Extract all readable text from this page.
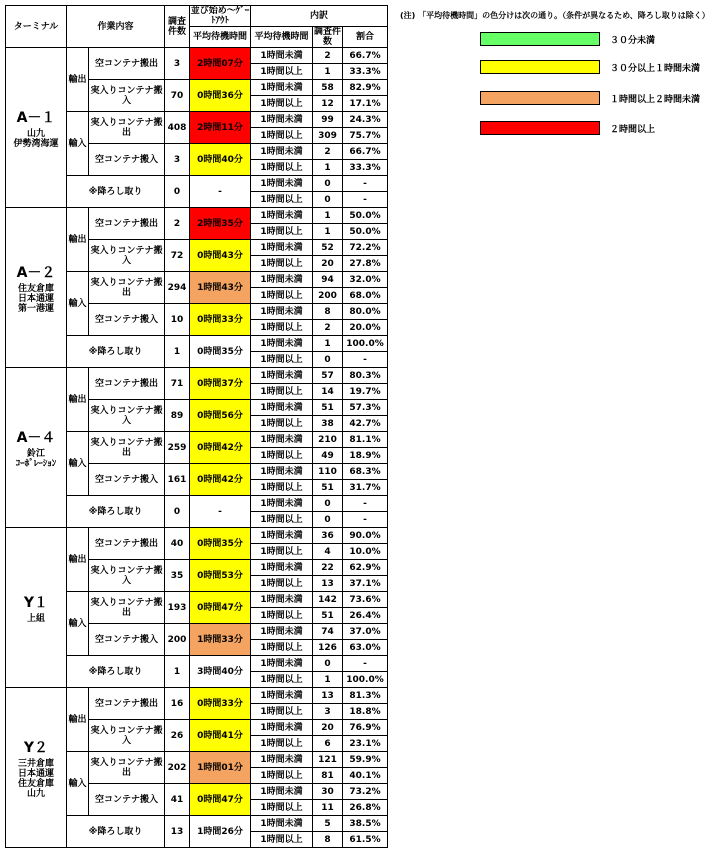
ターミナル	作業内容		調査件数	並び始め～ｹﾞｰﾄｱｳﾄ	内訳		
				平均待機時間	平均待機時間	調査件数	割合

A－１
山九
伊勢湾海運	輸出	空コンテナ搬出	3	2時間07分	1時間未満	2	66.7%
					1時間以上	1	33.3%
		実入りコンテナ搬入	70	0時間36分	1時間未満	58	82.9%
					1時間以上	12	17.1%
	輸入	実入りコンテナ搬出	408	2時間11分	1時間未満	99	24.3%
					1時間以上	309	75.7%
		空コンテナ搬入	3	0時間40分	1時間未満	2	66.7%
					1時間以上	1	33.3%
	※降ろし取り		0	-	1時間未満	0	-
					1時間以上	0	-

A－２
住友倉庫
日本通運
第一港運	輸出	空コンテナ搬出	2	2時間35分	1時間未満	1	50.0%
					1時間以上	1	50.0%
		実入りコンテナ搬入	72	0時間43分	1時間未満	52	72.2%
					1時間以上	20	27.8%
	輸入	実入りコンテナ搬出	294	1時間43分	1時間未満	94	32.0%
					1時間以上	200	68.0%
		空コンテナ搬入	10	0時間33分	1時間未満	8	80.0%
					1時間以上	2	20.0%
	※降ろし取り		1	0時間35分	1時間未満	1	100.0%
					1時間以上	0	-

A－４
鈴江
ｺｰﾎﾟﾚｰｼｮﾝ	輸出	空コンテナ搬出	71	0時間37分	1時間未満	57	80.3%
					1時間以上	14	19.7%
		実入りコンテナ搬入	89	0時間56分	1時間未満	51	57.3%
					1時間以上	38	42.7%
	輸入	実入りコンテナ搬出	259	0時間42分	1時間未満	210	81.1%
					1時間以上	49	18.9%
		空コンテナ搬入	161	0時間42分	1時間未満	110	68.3%
					1時間以上	51	31.7%
	※降ろし取り		0	-	1時間未満	0	-
					1時間以上	0	-

Y１
上組	輸出	空コンテナ搬出	40	0時間35分	1時間未満	36	90.0%
					1時間以上	4	10.0%
		実入りコンテナ搬入	35	0時間53分	1時間未満	22	62.9%
					1時間以上	13	37.1%
	輸入	実入りコンテナ搬出	193	0時間47分	1時間未満	142	73.6%
					1時間以上	51	26.4%
		空コンテナ搬入	200	1時間33分	1時間未満	74	37.0%
					1時間以上	126	63.0%
	※降ろし取り		1	3時間40分	1時間未満	0	-
					1時間以上	1	100.0%

Y２
三井倉庫
日本通運
住友倉庫
山九	輸出	空コンテナ搬出	16	0時間33分	1時間未満	13	81.3%
					1時間以上	3	18.8%
		実入りコンテナ搬入	26	0時間41分	1時間未満	20	76.9%
					1時間以上	6	23.1%
	輸入	実入りコンテナ搬出	202	1時間01分	1時間未満	121	59.9%
					1時間以上	81	40.1%
		空コンテナ搬入	41	0時間47分	1時間未満	30	73.2%
					1時間以上	11	26.8%
	※降ろし取り		13	1時間26分	1時間未満	5	38.5%
					1時間以上	8	61.5%
(注) 「平均待機時間」の色分けは次の通り。（条件が異なるため、降ろし取りは除く）
３０分未満
３０分以上１時間未満
１時間以上２時間未満
２時間以上
